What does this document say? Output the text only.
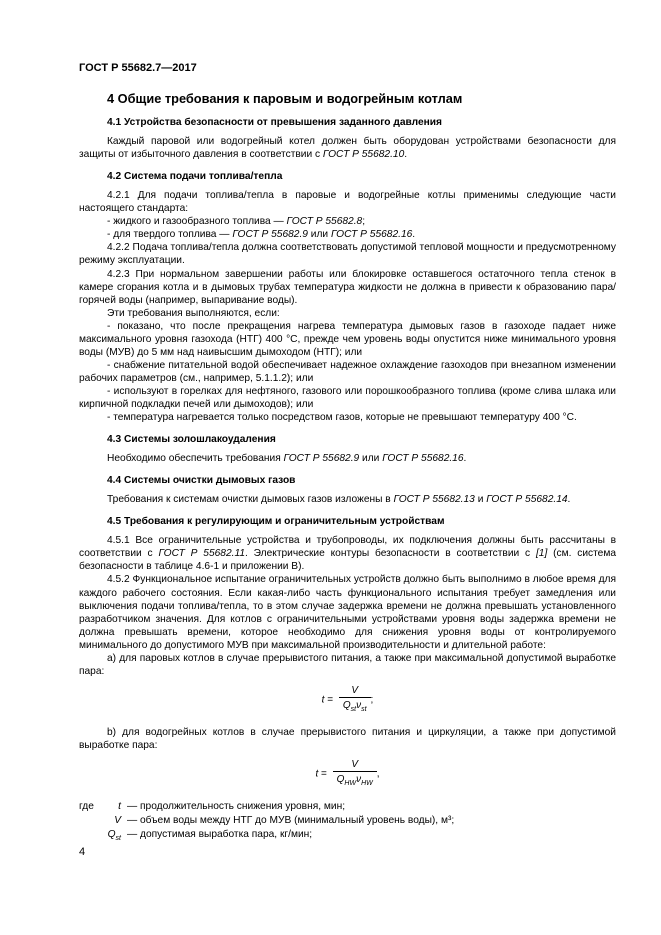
ГОСТ Р 55682.7—2017
4 Общие требования к паровым и водогрейным котлам
4.1 Устройства безопасности от превышения заданного давления

Каждый паровой или водогрейный котел должен быть оборудован устройствами безопасности для защиты от избыточного давления в соответствии с ГОСТ Р 55682.10.

4.2 Система подачи топлива/тепла

4.2.1 Для подачи топлива/тепла в паровые и водогрейные котлы применимы следующие части настоящего стандарта:

- жидкого и газообразного топлива — ГОСТ Р 55682.8;

- для твердого топлива — ГОСТ Р 55682.9 или ГОСТ Р 55682.16.

4.2.2 Подача топлива/тепла должна соответствовать допустимой тепловой мощности и предусмотренному режиму эксплуатации.

4.2.3 При нормальном завершении работы или блокировке оставшегося остаточного тепла стенок в камере сгорания котла и в дымовых трубах температура жидкости не должна в привести к образованию пара/горячей воды (например, выпаривание воды).

Эти требования выполняются, если:

- показано, что после прекращения нагрева температура дымовых газов в газоходе падает ниже максимального уровня газохода (НТГ) 400 °С, прежде чем уровень воды опустится ниже минимального уровня воды (МУВ) до 5 мм над наивысшим дымоходом (НТГ); или

- снабжение питательной водой обеспечивает надежное охлаждение газоходов при внезапном изменении рабочих параметров (см., например, 5.1.1.2); или

- используют в горелках для нефтяного, газового или порошкообразного топлива (кроме слива шлака или кирпичной подкладки печей или дымоходов); или

- температура нагревается только посредством газов, которые не превышают температуру 400 °С.

4.3 Системы золошлакоудаления

Необходимо обеспечить требования ГОСТ Р 55682.9 или ГОСТ Р 55682.16.

4.4 Системы очистки дымовых газов

Требования к системам очистки дымовых газов изложены в ГОСТ Р 55682.13 и ГОСТ Р 55682.14.

4.5 Требования к регулирующим и ограничительным устройствам

4.5.1 Все ограничительные устройства и трубопроводы, их подключения должны быть рассчитаны в соответствии с ГОСТ Р 55682.11. Электрические контуры безопасности в соответствии с [1] (см. система безопасности в таблице 4.6-1 и приложении В).

4.5.2 Функциональное испытание ограничительных устройств должно быть выполнимо в любое время для каждого рабочего состояния. Если какая-либо часть функционального испытания требует замедления или выключения подачи топлива/тепла, то в этом случае задержка времени не должна превышать установленного разработчиком значения. Для котлов с ограничительными устройствами уровня воды задержка времени не должна превышать времени, которое необходимо для снижения уровня воды от контролируемого минимального до допустимого МУВ при максимальной производительности и длительной работе:

а) для паровых котлов в случае прерывистого питания, а также при максимальной допустимой выработке пара:

$t = \frac{V}{Q_{st}\nu_{st}}$ ;

b) для водогрейных котлов в случае прерывистого питания и циркуляции, а также при допустимой выработке пара:

$t = \frac{V}{Q_{HW}\nu_{HW}}$ ,
где	t — продолжительность снижения уровня, мин;
V — объем воды между НТГ до МУВ (минимальный уровень воды), м³;
$Q_{st}$ — допустимая выработка пара, кг/мин;
4
